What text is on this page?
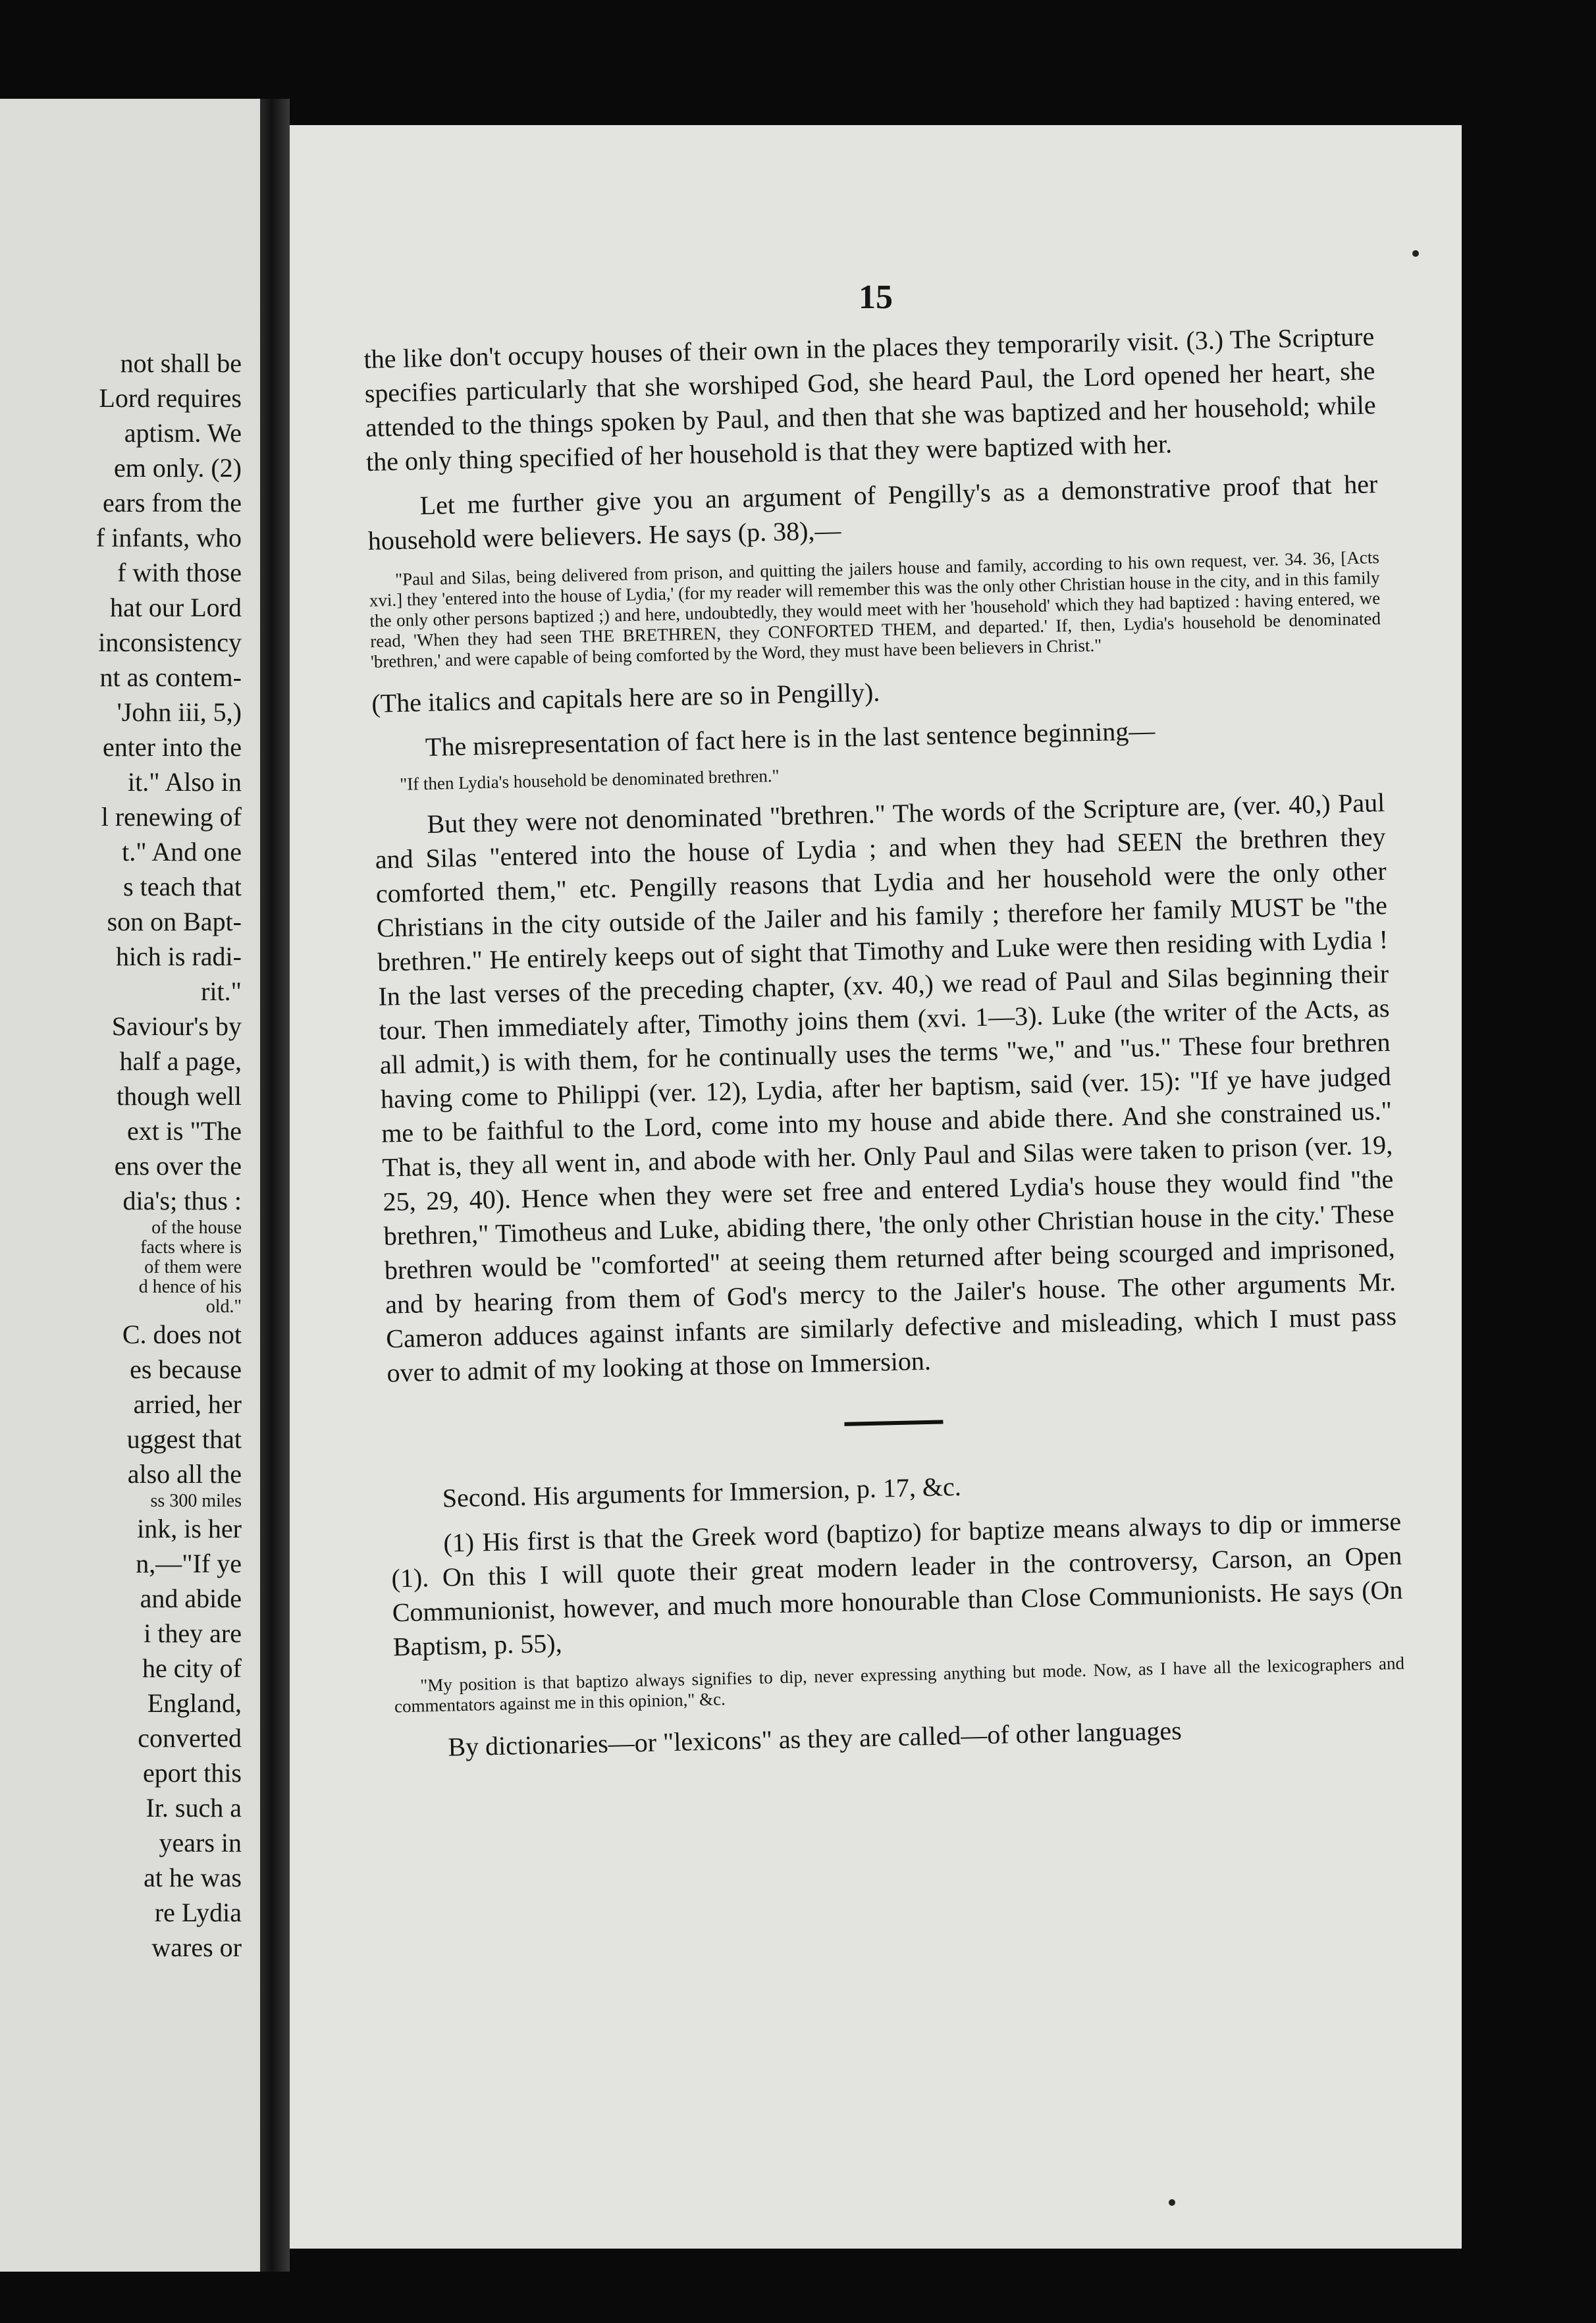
not shall be
Lord requires
aptism. We
em only. (2)
ears from the
f infants, who
f with those
hat our Lord
inconsistency
nt as contem-
'John iii, 5,)
enter into the
it." Also in
l renewing of
t." And one
s teach that
son on Bapt-
hich is radi-
rit."
Saviour's by
half a page,
though well
ext is "The
ens over the
dia's; thus :
of the house
facts where is
of them were
d hence of his
old."
C. does not
es because
arried, her
uggest that
also all the
ss 300 miles
ink, is her
n,—"If ye
and abide
i they are
he city of
England,
converted
eport this
Ir. such a
years in
at he was
re Lydia
wares or
15

the like don't occupy houses of their own in the places they temporarily visit. (3.) The Scripture specifies particularly that she worshiped God, she heard Paul, the Lord opened her heart, she attended to the things spoken by Paul, and then that she was baptized and her household; while the only thing specified of her household is that they were baptized with her.

Let me further give you an argument of Pengilly's as a demonstrative proof that her household were believers. He says (p. 38),—

"Paul and Silas, being delivered from prison, and quitting the jailers house and family, according to his own request, ver. 34. 36, [Acts xvi.] they 'entered into the house of Lydia,' (for my reader will remember this was the only other Christian house in the city, and in this family the only other persons baptized ;) and here, undoubtedly, they would meet with her 'household' which they had baptized : having entered, we read, 'When they had seen THE BRETHREN, they CONFORTED THEM, and departed.' If, then, Lydia's household be denominated 'brethren,' and were capable of being comforted by the Word, they must have been believers in Christ."

(The italics and capitals here are so in Pengilly).

The misrepresentation of fact here is in the last sentence beginning—

"If then Lydia's household be denominated brethren."

But they were not denominated "brethren." The words of the Scripture are, (ver. 40,) Paul and Silas "entered into the house of Lydia ; and when they had SEEN the brethren they comforted them," etc. Pengilly reasons that Lydia and her household were the only other Christians in the city outside of the Jailer and his family ; therefore her family MUST be "the brethren." He entirely keeps out of sight that Timothy and Luke were then residing with Lydia ! In the last verses of the preceding chapter, (xv. 40,) we read of Paul and Silas beginning their tour. Then immediately after, Timothy joins them (xvi. 1—3). Luke (the writer of the Acts, as all admit,) is with them, for he continually uses the terms "we," and "us." These four brethren having come to Philippi (ver. 12), Lydia, after her baptism, said (ver. 15): "If ye have judged me to be faithful to the Lord, come into my house and abide there. And she constrained us." That is, they all went in, and abode with her. Only Paul and Silas were taken to prison (ver. 19, 25, 29, 40). Hence when they were set free and entered Lydia's house they would find "the brethren," Timotheus and Luke, abiding there, 'the only other Christian house in the city.' These brethren would be "comforted" at seeing them returned after being scourged and imprisoned, and by hearing from them of God's mercy to the Jailer's house. The other arguments Mr. Cameron adduces against infants are similarly defective and misleading, which I must pass over to admit of my looking at those on Immersion.

Second. His arguments for Immersion, p. 17, &c.

(1) His first is that the Greek word (baptizo) for baptize means always to dip or immerse (1). On this I will quote their great modern leader in the controversy, Carson, an Open Communionist, however, and much more honourable than Close Communionists. He says (On Baptism, p. 55),

"My position is that baptizo always signifies to dip, never expressing anything but mode. Now, as I have all the lexicographers and commentators against me in this opinion," &c.

By dictionaries—or "lexicons" as they are called—of other languages
